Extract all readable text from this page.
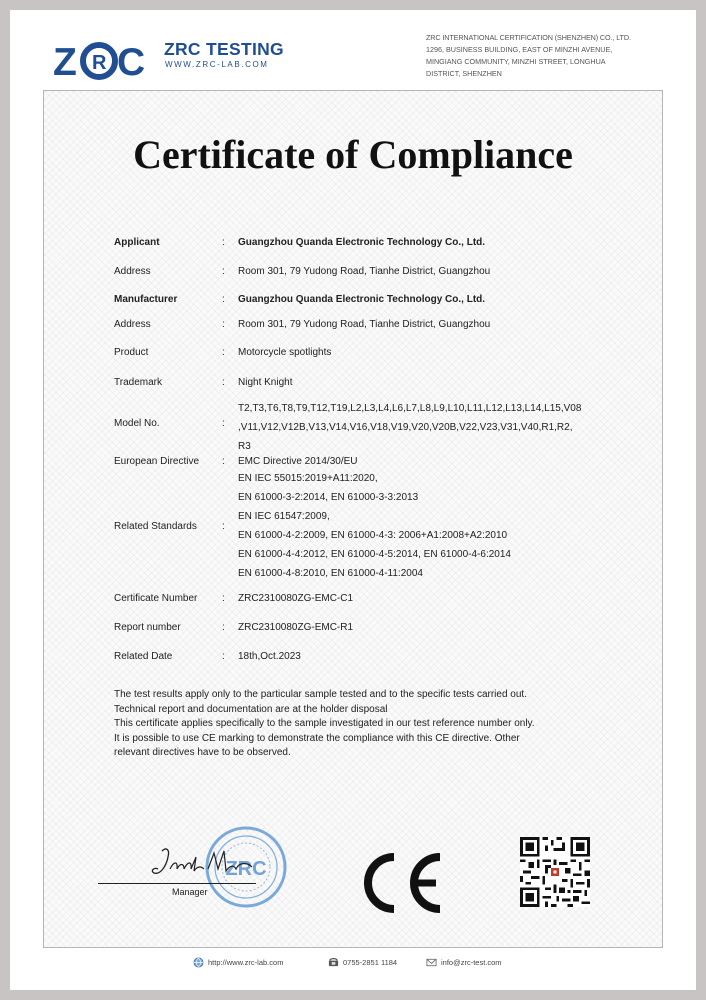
Z C
R
ZRC TESTING
WWW.ZRC-LAB.COM
ZRC INTERNATIONAL CERTIFICATION (SHENZHEN) CO., LTD.
1296, BUSINESS BUILDING, EAST OF MINZHI AVENUE,
MINGIANG COMMUNITY, MINZHI STREET, LONGHUA
DISTRICT, SHENZHEN
Certificate of Compliance
Applicant	: Guangzhou Quanda Electronic Technology Co., Ltd.
Address	: Room 301, 79 Yudong Road, Tianhe District, Guangzhou
Manufacturer	: Guangzhou Quanda Electronic Technology Co., Ltd.
Address	: Room 301, 79 Yudong Road, Tianhe District, Guangzhou
Product	: Motorcycle spotlights
Trademark	: Night Knight
Model No.	:
T2,T3,T6,T8,T9,T12,T19,L2,L3,L4,L6,L7,L8,L9,L10,L11,L12,L13,L14,L15,V08
,V11,V12,V12B,V13,V14,V16,V18,V19,V20,V20B,V22,V23,V31,V40,R1,R2,
R3
European Directive : EMC Directive 2014/30/EU
Related Standards	:
EN IEC 55015:2019+A11:2020,
EN 61000-3-2:2014, EN 61000-3-3:2013
EN IEC 61547:2009,
EN 61000-4-2:2009, EN 61000-4-3: 2006+A1:2008+A2:2010
EN 61000-4-4:2012, EN 61000-4-5:2014, EN 61000-4-6:2014
EN 61000-4-8:2010, EN 61000-4-11:2004
Certificate Number : ZRC2310080ZG-EMC-C1
Report number	: ZRC2310080ZG-EMC-R1
Related Date	: 18th,Oct.2023
The test results apply only to the particular sample tested and to the specific tests carried out.
Technical report and documentation are at the holder disposal
This certificate applies specifically to the sample investigated in our test reference number only.
It is possible to use CE marking to demonstrate the compliance with this CE directive. Other
relevant directives have to be observed.
ZRC
Manager
http://www.zrc-lab.com	0755-2851 1184	info@zrc-test.com
